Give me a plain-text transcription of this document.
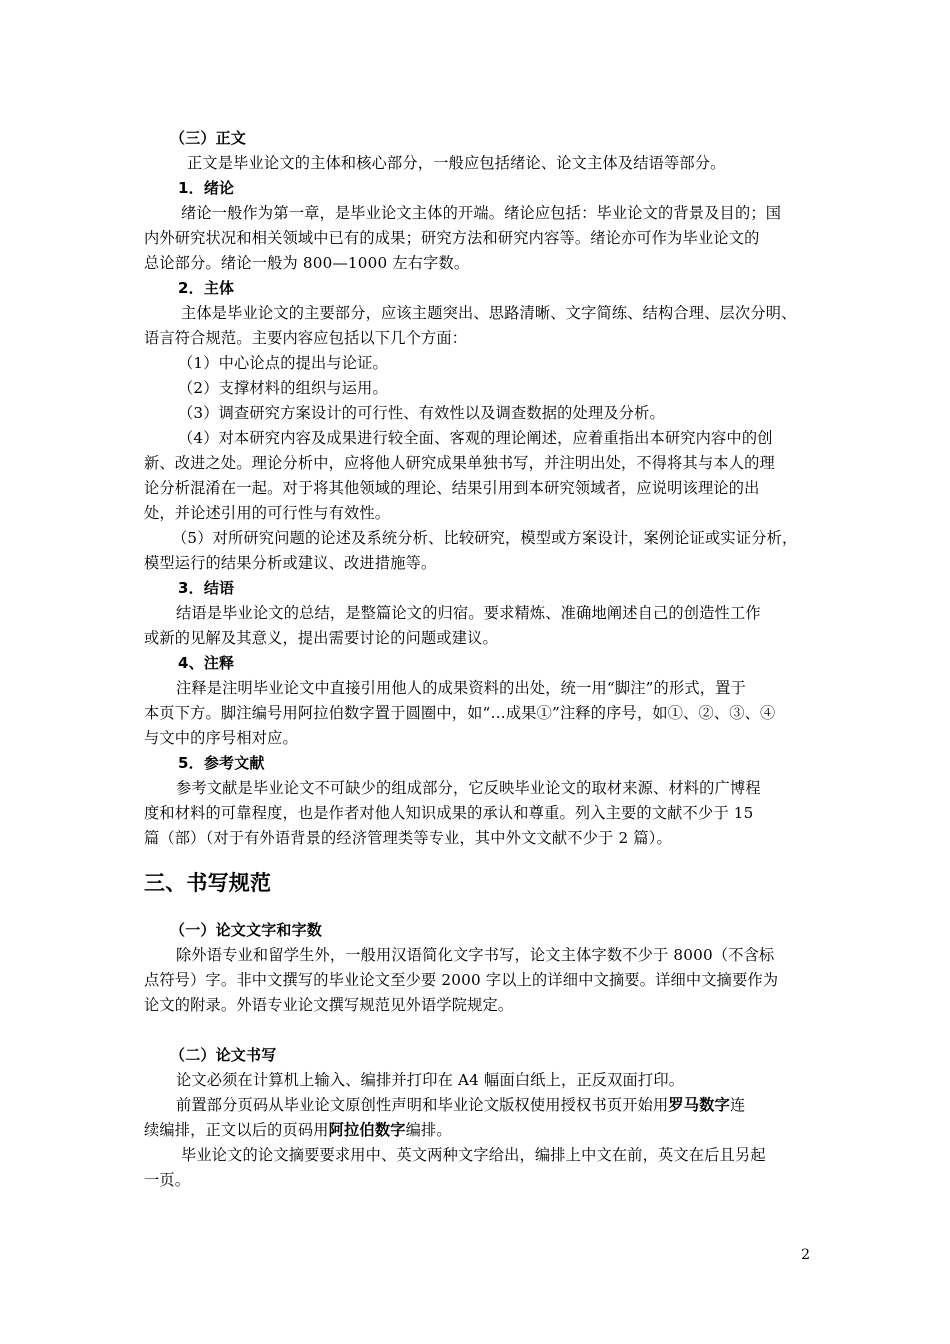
（三）正文
正文是毕业论文的主体和核心部分，一般应包括绪论、论文主体及结语等部分。
1．绪论
绪论一般作为第一章，是毕业论文主体的开端。绪论应包括：毕业论文的背景及目的；国
内外研究状况和相关领域中已有的成果；研究方法和研究内容等。绪论亦可作为毕业论文的
总论部分。绪论一般为 800—1000 左右字数。
2．主体
主体是毕业论文的主要部分，应该主题突出、思路清晰、文字简练、结构合理、层次分明、
语言符合规范。主要内容应包括以下几个方面：
（1）中心论点的提出与论证。
（2）支撑材料的组织与运用。
（3）调查研究方案设计的可行性、有效性以及调查数据的处理及分析。
（4）对本研究内容及成果进行较全面、客观的理论阐述，应着重指出本研究内容中的创
新、改进之处。理论分析中，应将他人研究成果单独书写，并注明出处，不得将其与本人的理
论分析混淆在一起。对于将其他领域的理论、结果引用到本研究领域者，应说明该理论的出
处，并论述引用的可行性与有效性。
（5）对所研究问题的论述及系统分析、比较研究，模型或方案设计，案例论证或实证分析，
模型运行的结果分析或建议、改进措施等。
3．结语
结语是毕业论文的总结，是整篇论文的归宿。要求精炼、准确地阐述自己的创造性工作
或新的见解及其意义，提出需要讨论的问题或建议。
4、注释
注释是注明毕业论文中直接引用他人的成果资料的出处，统一用“脚注”的形式，置于
本页下方。脚注编号用阿拉伯数字置于圆圈中，如“…成果①”注释的序号，如①、②、③、④
与文中的序号相对应。
5．参考文献
参考文献是毕业论文不可缺少的组成部分，它反映毕业论文的取材来源、材料的广博程
度和材料的可靠程度，也是作者对他人知识成果的承认和尊重。列入主要的文献不少于 15
篇（部）（对于有外语背景的经济管理类等专业，其中外文文献不少于 2 篇）。
三、书写规范
（一）论文文字和字数
除外语专业和留学生外，一般用汉语简化文字书写，论文主体字数不少于 8000（不含标
点符号）字。非中文撰写的毕业论文至少要 2000 字以上的详细中文摘要。详细中文摘要作为
论文的附录。外语专业论文撰写规范见外语学院规定。
（二）论文书写
论文必须在计算机上输入、编排并打印在 A4 幅面白纸上，正反双面打印。
前置部分页码从毕业论文原创性声明和毕业论文版权使用授权书页开始用罗马数字连
续编排，正文以后的页码用阿拉伯数字编排。
毕业论文的论文摘要要求用中、英文两种文字给出，编排上中文在前，英文在后且另起
一页。
2
